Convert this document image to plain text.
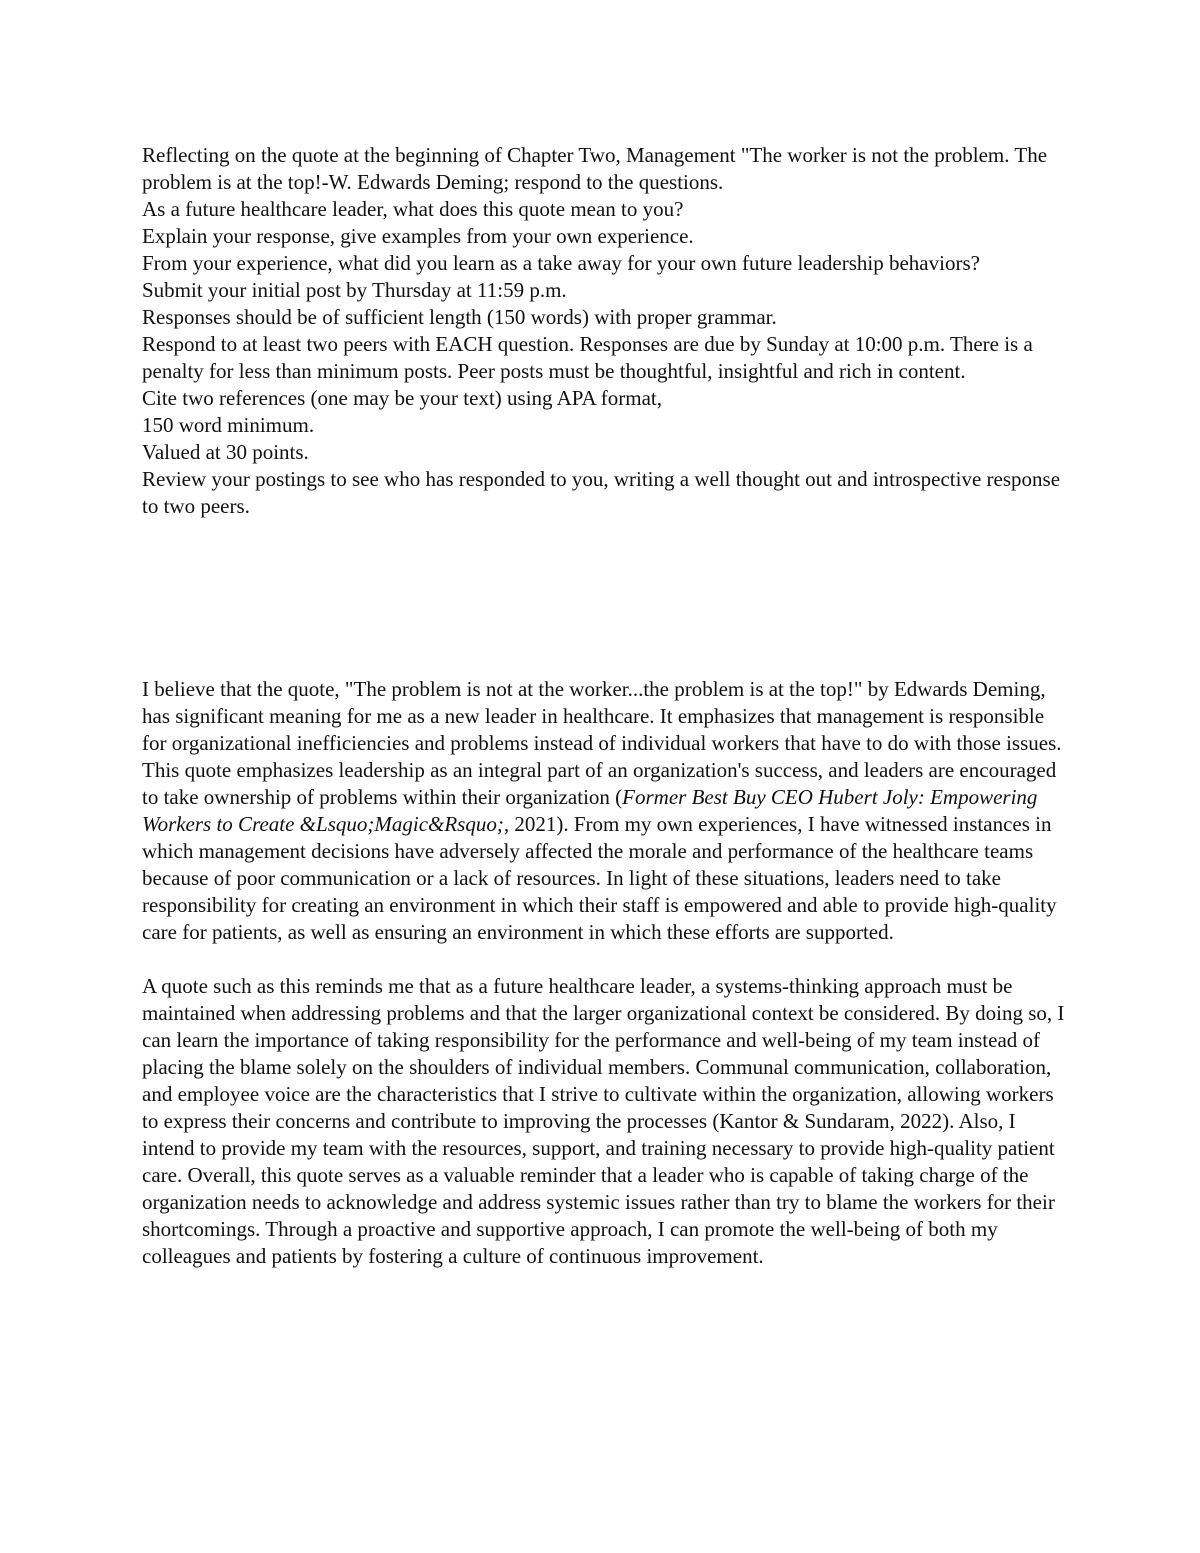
Reflecting on the quote at the beginning of Chapter Two, Management "The worker is not the problem. The problem is at the top!-W. Edwards Deming; respond to the questions.
As a future healthcare leader, what does this quote mean to you?
Explain your response, give examples from your own experience.
From your experience, what did you learn as a take away for your own future leadership behaviors?
Submit your initial post by Thursday at 11:59 p.m.
Responses should be of sufficient length (150 words) with proper grammar.
Respond to at least two peers with EACH question. Responses are due by Sunday at 10:00 p.m. There is a penalty for less than minimum posts. Peer posts must be thoughtful, insightful and rich in content.
Cite two references (one may be your text) using APA format,
150 word minimum.
Valued at 30 points.
Review your postings to see who has responded to you, writing a well thought out and introspective response to two peers.

I believe that the quote, "The problem is not at the worker...the problem is at the top!" by Edwards Deming, has significant meaning for me as a new leader in healthcare. It emphasizes that management is responsible for organizational inefficiencies and problems instead of individual workers that have to do with those issues. This quote emphasizes leadership as an integral part of an organization's success, and leaders are encouraged to take ownership of problems within their organization (Former Best Buy CEO Hubert Joly: Empowering Workers to Create &Lsquo;Magic&Rsquo;, 2021). From my own experiences, I have witnessed instances in which management decisions have adversely affected the morale and performance of the healthcare teams because of poor communication or a lack of resources. In light of these situations, leaders need to take responsibility for creating an environment in which their staff is empowered and able to provide high-quality care for patients, as well as ensuring an environment in which these efforts are supported.

A quote such as this reminds me that as a future healthcare leader, a systems-thinking approach must be maintained when addressing problems and that the larger organizational context be considered. By doing so, I can learn the importance of taking responsibility for the performance and well-being of my team instead of placing the blame solely on the shoulders of individual members. Communal communication, collaboration, and employee voice are the characteristics that I strive to cultivate within the organization, allowing workers to express their concerns and contribute to improving the processes (Kantor & Sundaram, 2022). Also, I intend to provide my team with the resources, support, and training necessary to provide high-quality patient care. Overall, this quote serves as a valuable reminder that a leader who is capable of taking charge of the organization needs to acknowledge and address systemic issues rather than try to blame the workers for their shortcomings. Through a proactive and supportive approach, I can promote the well-being of both my colleagues and patients by fostering a culture of continuous improvement.
